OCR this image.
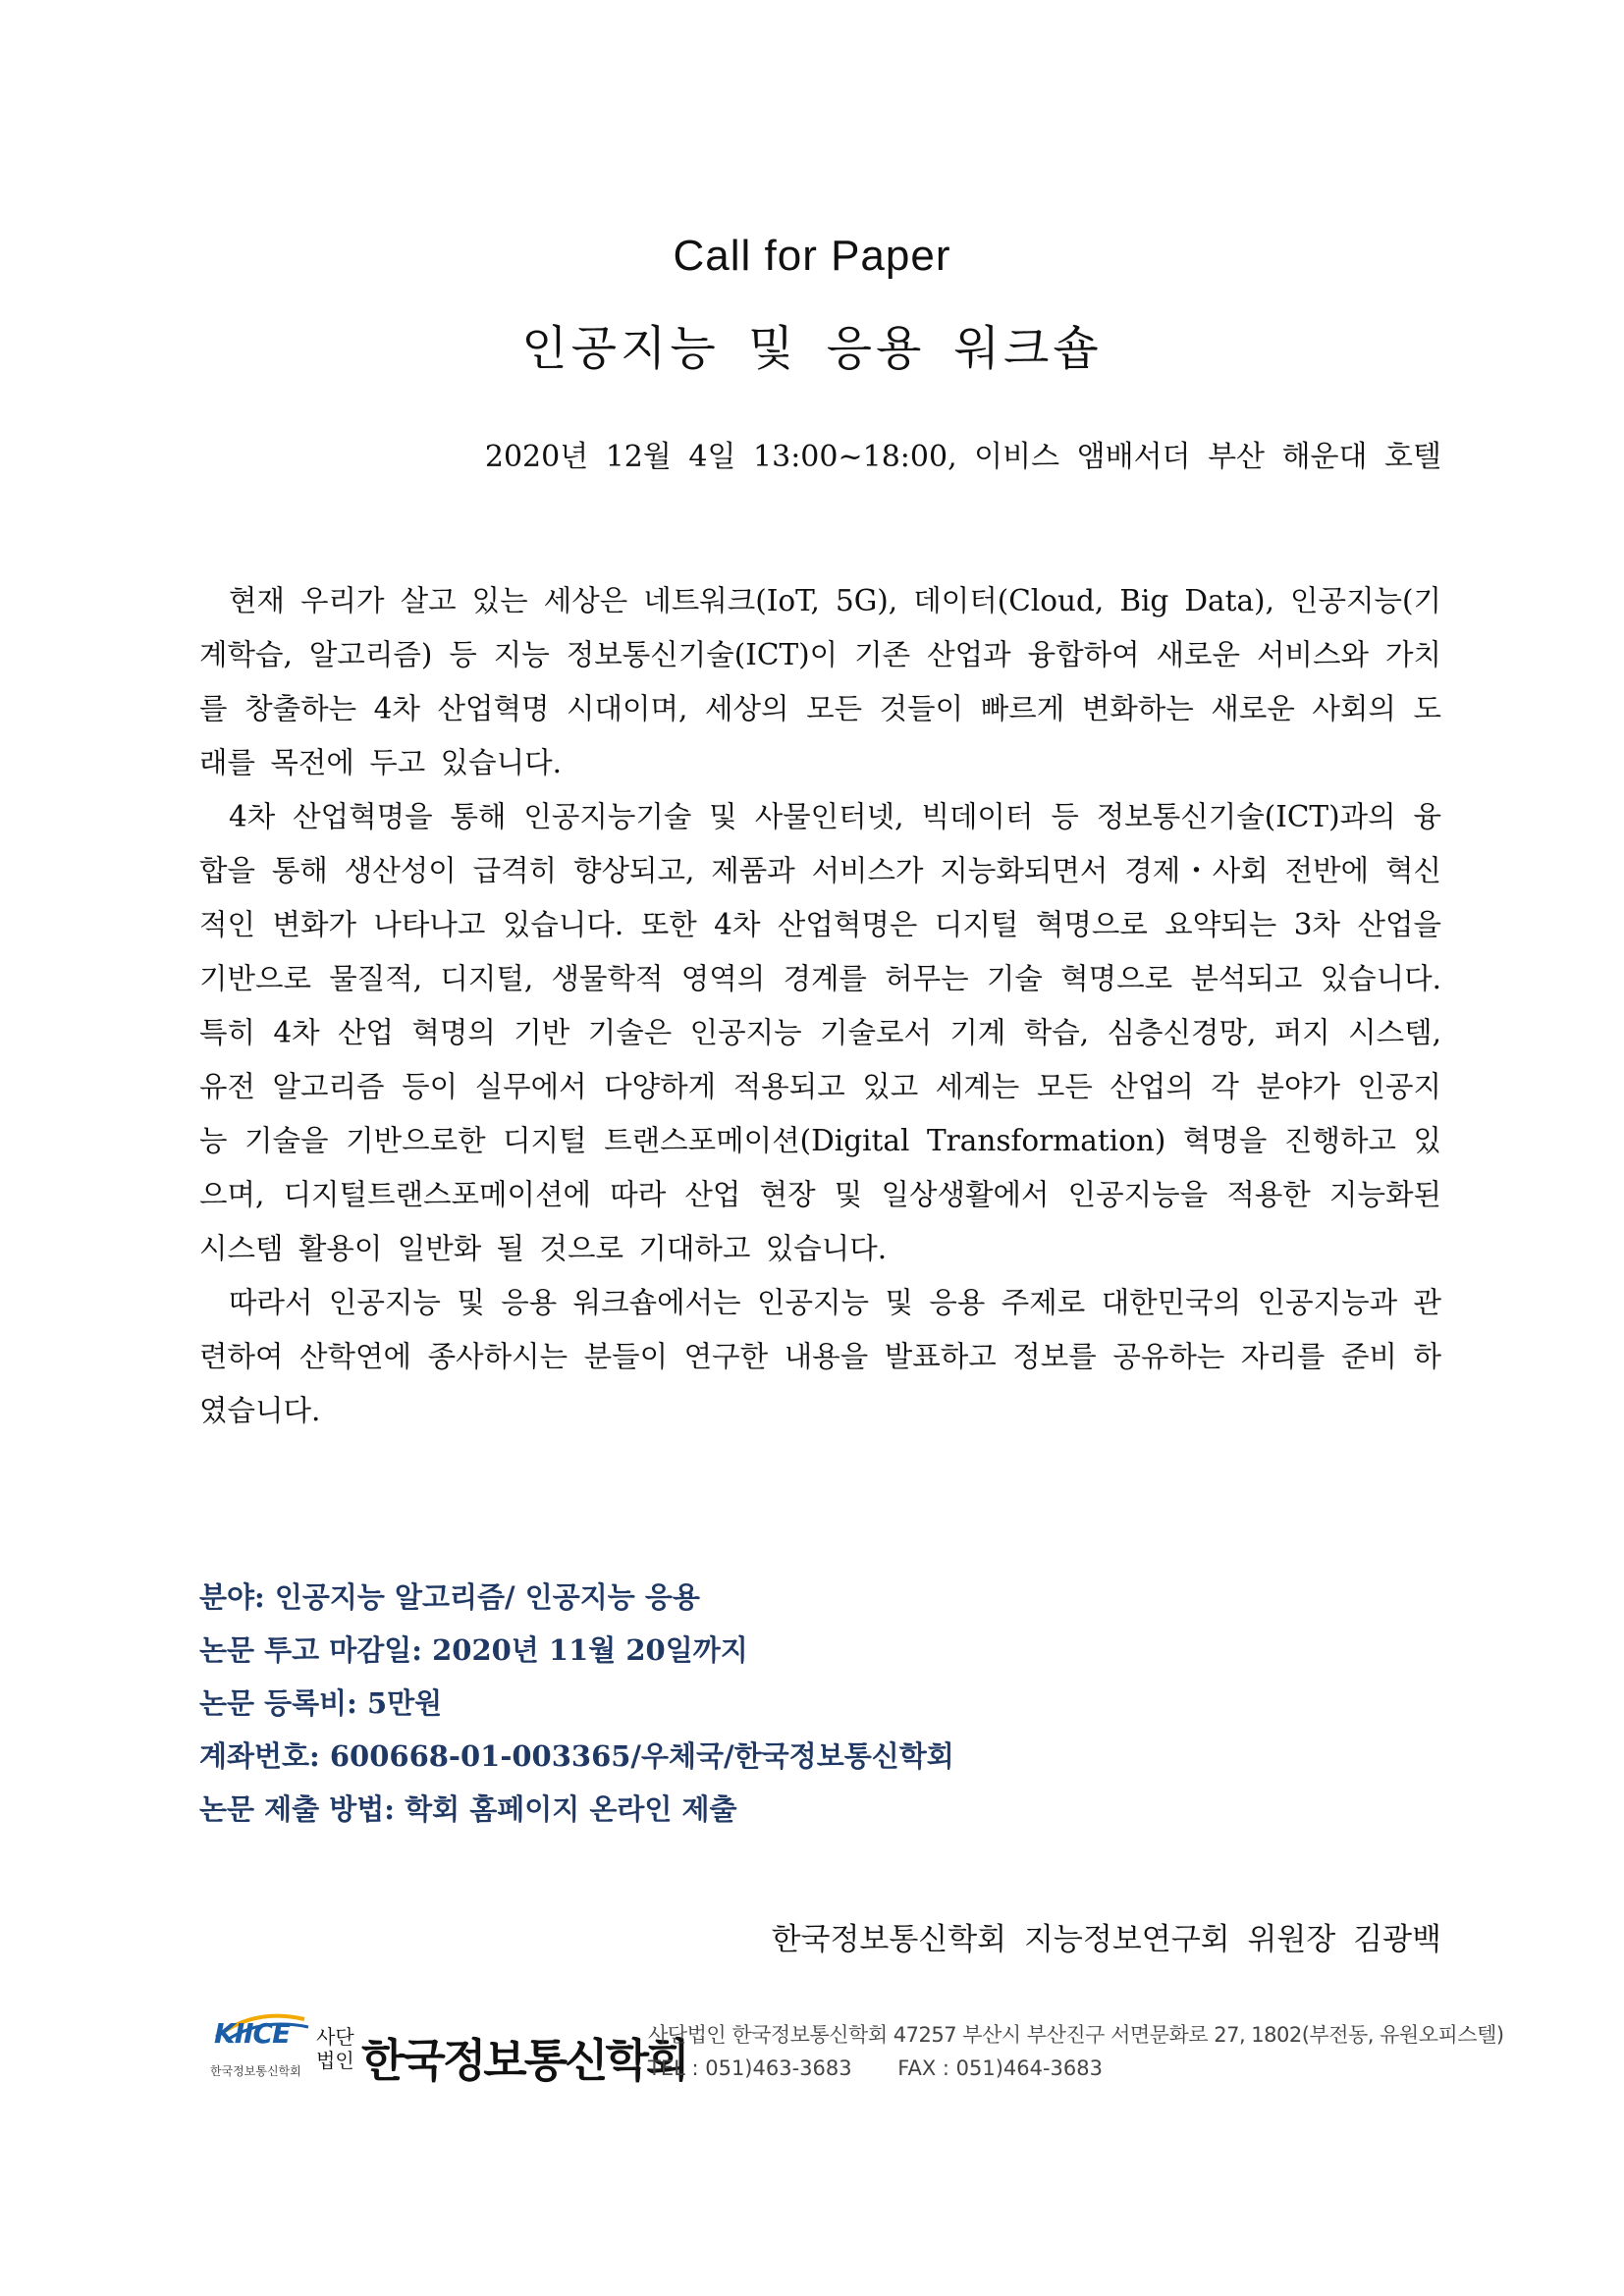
Call for Paper
인공지능 및 응용 워크숍

2020년 12월 4일 13:00~18:00, 이비스 앰배서더 부산 해운대 호텔

현재 우리가 살고 있는 세상은 네트워크(IoT, 5G), 데이터(Cloud, Big Data), 인공지능(기계학습, 알고리즘) 등 지능 정보통신기술(ICT)이 기존 산업과 융합하여 새로운 서비스와 가치를 창출하는 4차 산업혁명 시대이며, 세상의 모든 것들이 빠르게 변화하는 새로운 사회의 도래를 목전에 두고 있습니다.

4차 산업혁명을 통해 인공지능기술 및 사물인터넷, 빅데이터 등 정보통신기술(ICT)과의 융합을 통해 생산성이 급격히 향상되고, 제품과 서비스가 지능화되면서 경제・사회 전반에 혁신적인 변화가 나타나고 있습니다. 또한 4차 산업혁명은 디지털 혁명으로 요약되는 3차 산업을 기반으로 물질적, 디지털, 생물학적 영역의 경계를 허무는 기술 혁명으로 분석되고 있습니다. 특히 4차 산업 혁명의 기반 기술은 인공지능 기술로서 기계 학습, 심층신경망, 퍼지 시스템, 유전 알고리즘 등이 실무에서 다양하게 적용되고 있고 세계는 모든 산업의 각 분야가 인공지능 기술을 기반으로한 디지털 트랜스포메이션(Digital Transformation) 혁명을 진행하고 있으며, 디지털트랜스포메이션에 따라 산업 현장 및 일상생활에서 인공지능을 적용한 지능화된 시스템 활용이 일반화 될 것으로 기대하고 있습니다.

따라서 인공지능 및 응용 워크숍에서는 인공지능 및 응용 주제로 대한민국의 인공지능과 관련하여 산학연에 종사하시는 분들이 연구한 내용을 발표하고 정보를 공유하는 자리를 준비 하였습니다.

분야: 인공지능 알고리즘/ 인공지능 응용
논문 투고 마감일: 2020년 11월 20일까지
논문 등록비: 5만원
계좌번호: 600668-01-003365/우체국/한국정보통신학회
논문 제출 방법: 학회 홈페이지 온라인 제출
한국정보통신학회 지능정보연구회 위원장 김광백
KIICE
한국정보통신학회
사단법인 한국정보통신학회
사단법인 한국정보통신학회 47257 부산시 부산진구 서면문화로 27, 1802(부전동, 유원오피스텔)
TEL : 051)463-3683 FAX : 051)464-3683
